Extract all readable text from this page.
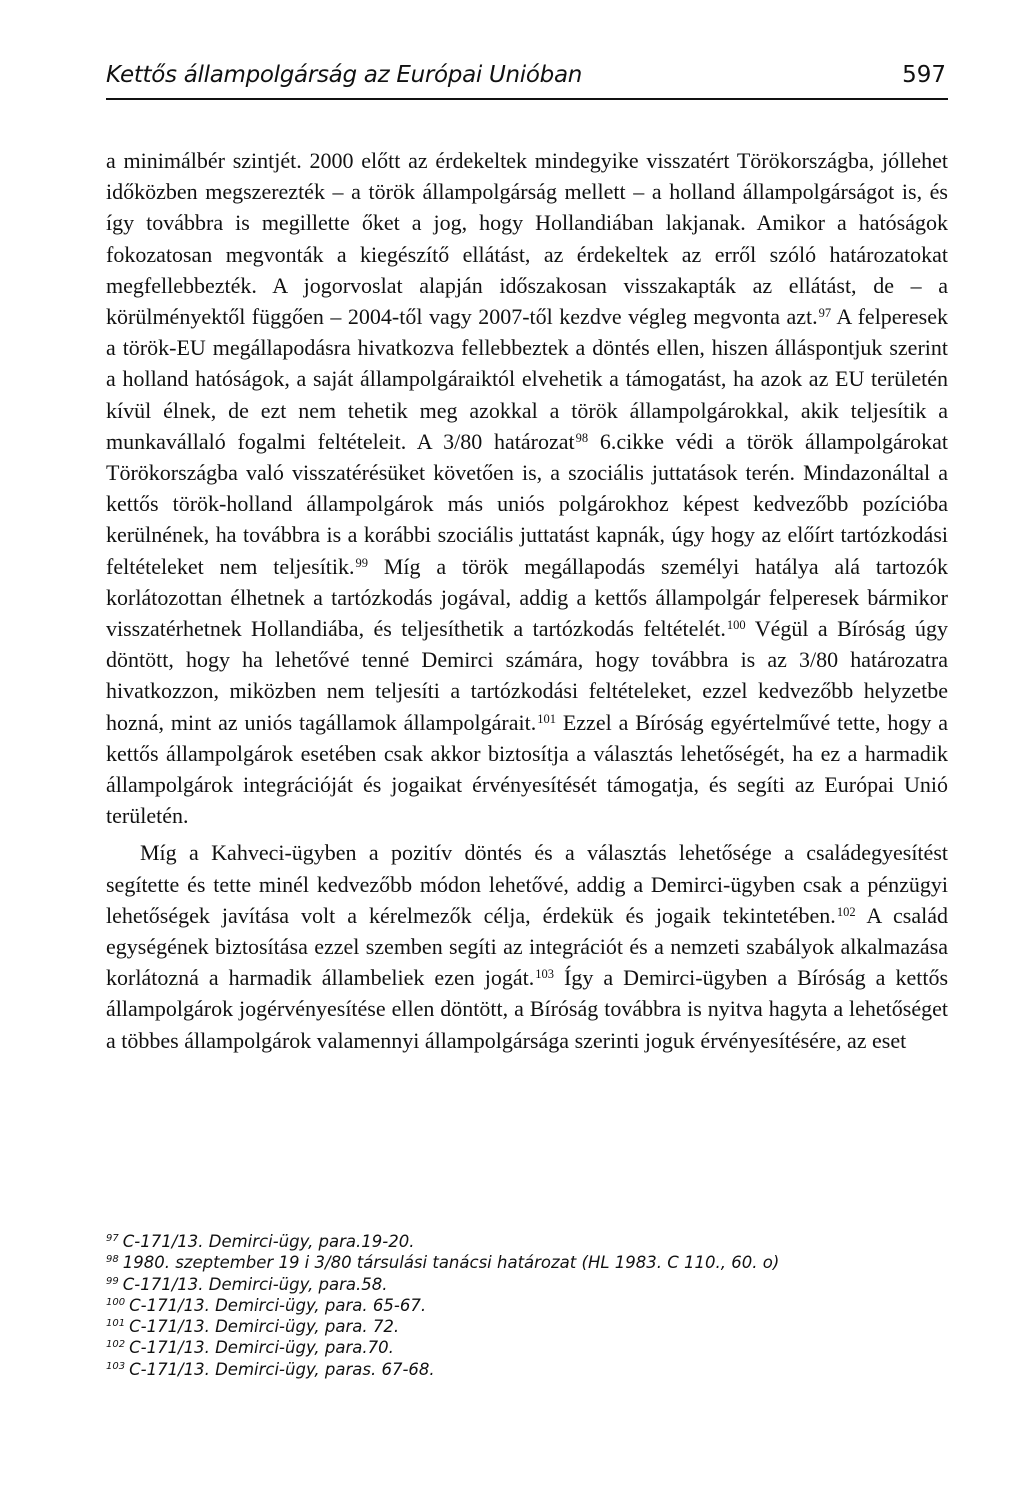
Kettős állampolgárság az Európai Unióban	597

a minimálbér szintjét. 2000 előtt az érdekeltek mindegyike visszatért Törökországba, jóllehet időközben megszerezték – a török állampolgárság mellett – a holland állampolgárságot is, és így továbbra is megillette őket a jog, hogy Hollandiában lakjanak. Amikor a hatóságok fokozatosan megvonták a kiegészítő ellátást, az érdekeltek az erről szóló határozatokat megfellebbezték. A jogorvoslat alapján időszakosan visszakapták az ellátást, de – a körülményektől függően – 2004-től vagy 2007-től kezdve végleg megvonta azt.$^{97}$ A felperesek a török-EU megállapodásra hivatkozva fellebbeztek a döntés ellen, hiszen álláspontjuk szerint a holland hatóságok, a saját állampolgáraiktól elvehetik a támogatást, ha azok az EU területén kívül élnek, de ezt nem tehetik meg azokkal a török állampolgárokkal, akik teljesítik a munkavállaló fogalmi feltételeit. A 3/80 határozat$^{98}$ 6.cikke védi a török állampolgárokat Törökországba való visszatérésüket követően is, a szociális juttatások terén. Mindazonáltal a kettős török-holland állampolgárok más uniós polgárokhoz képest kedvezőbb pozícióba kerülnének, ha továbbra is a korábbi szociális juttatást kapnák, úgy hogy az előírt tartózkodási feltételeket nem teljesítik.$^{99}$ Míg a török megállapodás személyi hatálya alá tartozók korlátozottan élhetnek a tartózkodás jogával, addig a kettős állampolgár felperesek bármikor visszatérhetnek Hollandiába, és teljesíthetik a tartózkodás feltételét.$^{100}$ Végül a Bíróság úgy döntött, hogy ha lehetővé tenné Demirci számára, hogy továbbra is az 3/80 határozatra hivatkozzon, miközben nem teljesíti a tartózkodási feltételeket, ezzel kedvezőbb helyzetbe hozná, mint az uniós tagállamok állampolgárait.$^{101}$ Ezzel a Bíróság egyértelművé tette, hogy a kettős állampolgárok esetében csak akkor biztosítja a választás lehetőségét, ha ez a harmadik állampolgárok integrációját és jogaikat érvényesítését támogatja, és segíti az Európai Unió területén.

Míg a Kahveci-ügyben a pozitív döntés és a választás lehetősége a családegyesítést segítette és tette minél kedvezőbb módon lehetővé, addig a Demirci-ügyben csak a pénzügyi lehetőségek javítása volt a kérelmezők célja, érdekük és jogaik tekintetében.$^{102}$ A család egységének biztosítása ezzel szemben segíti az integrációt és a nemzeti szabályok alkalmazása korlátozná a harmadik állambeliek ezen jogát.$^{103}$ Így a Demirci-ügyben a Bíróság a kettős állampolgárok jogérvényesítése ellen döntött, a Bíróság továbbra is nyitva hagyta a lehetőséget a többes állampolgárok valamennyi állampolgársága szerinti joguk érvényesítésére, az eset

$^{97}$ C-171/13. Demirci-ügy, para.19-20.
$^{98}$ 1980. szeptember 19 i 3/80 társulási tanácsi határozat (HL 1983. C 110., 60. o)
$^{99}$ C-171/13. Demirci-ügy, para.58.
$^{100}$ C-171/13. Demirci-ügy, para. 65-67.
$^{101}$ C-171/13. Demirci-ügy, para. 72.
$^{102}$ C-171/13. Demirci-ügy, para.70.
$^{103}$ C-171/13. Demirci-ügy, paras. 67-68.
